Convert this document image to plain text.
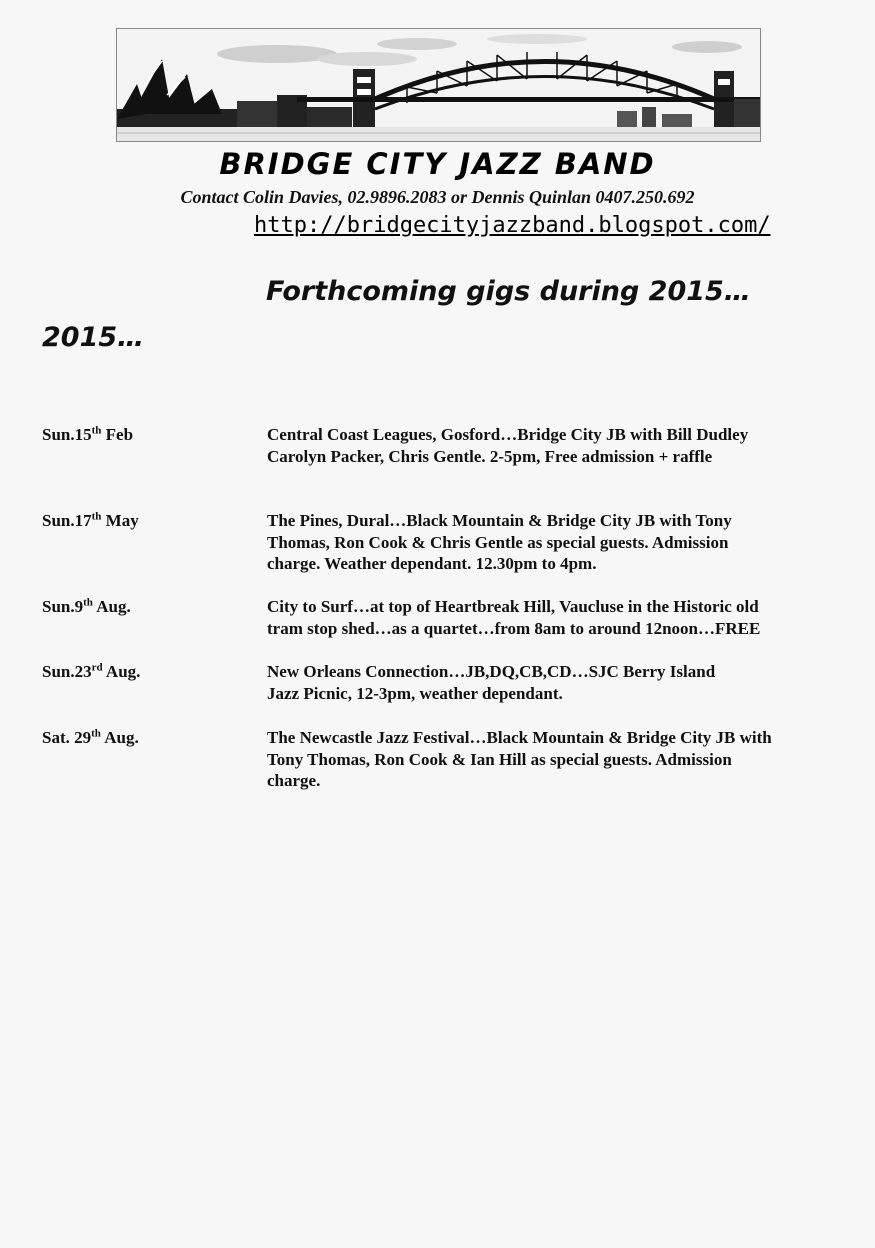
BRIDGE CITY JAZZ BAND
Contact Colin Davies, 02.9896.2083 or Dennis Quinlan 0407.250.692
http://bridgecityjazzband.blogspot.com/
Forthcoming gigs during 2015…
2015…
Sun.15th Feb	Central Coast Leagues, Gosford…Bridge City JB with Bill Dudley
Carolyn Packer, Chris Gentle. 2-5pm, Free admission + raffle
Sun.17th May	The Pines, Dural…Black Mountain & Bridge City JB with Tony
Thomas, Ron Cook & Chris Gentle as special guests. Admission
charge. Weather dependant. 12.30pm to 4pm.
Sun.9th Aug.	City to Surf…at top of Heartbreak Hill, Vaucluse in the Historic old
tram stop shed…as a quartet…from 8am to around 12noon…FREE
Sun.23rd Aug.	New Orleans Connection…JB,DQ,CB,CD…SJC Berry Island
Jazz Picnic, 12-3pm, weather dependant.
Sat. 29th Aug.	The Newcastle Jazz Festival…Black Mountain & Bridge City JB with
Tony Thomas, Ron Cook & Ian Hill as special guests. Admission
charge.
